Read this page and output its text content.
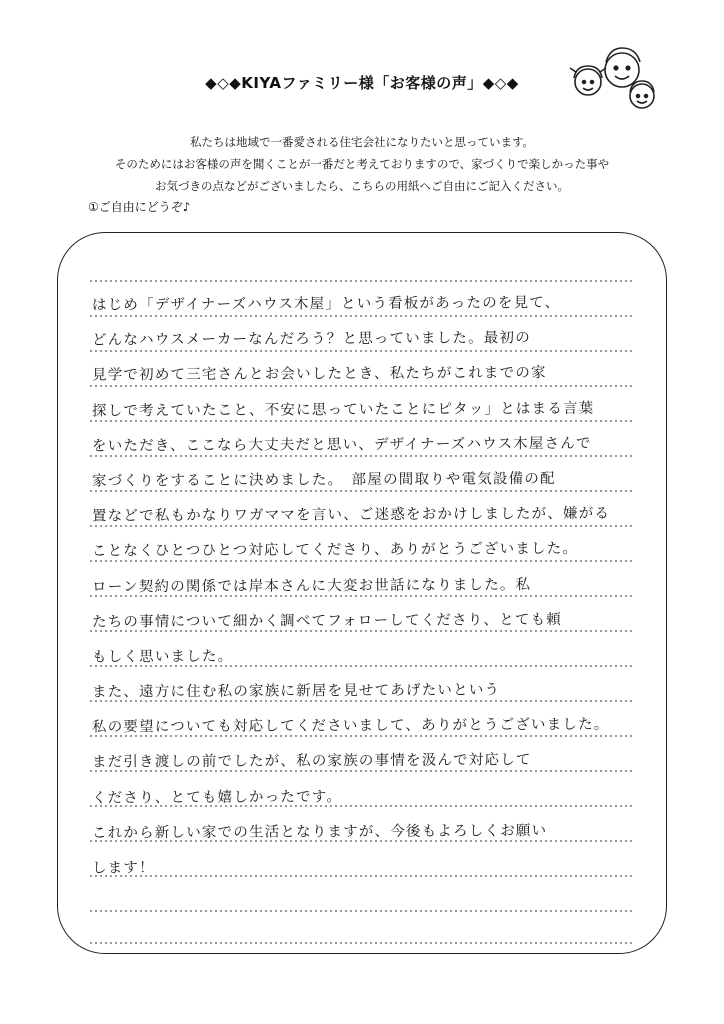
◆◇◆KIYAファミリー様「お客様の声」◆◇◆
私たちは地域で一番愛される住宅会社になりたいと思っています。
そのためにはお客様の声を聞くことが一番だと考えておりますので、家づくりで楽しかった事や
お気づきの点などがございましたら、こちらの用紙へご自由にご記入ください。
①ご自由にどうぞ♪
はじめ「デザイナーズハウス木屋」という看板があったのを見て、
どんなハウスメーカーなんだろう？と思っていました。最初の
見学で初めて三宅さんとお会いしたとき、私たちがこれまでの家
探しで考えていたこと、不安に思っていたことにピタッ」とはまる言葉
をいただき、ここなら大丈夫だと思い、デザイナーズハウス木屋さんで
家づくりをすることに決めました。　部屋の間取りや電気設備の配
置などで私もかなりワガママを言い、ご迷惑をおかけしましたが、嫌がる
ことなくひとつひとつ対応してくださり、ありがとうございました。
ローン契約の関係では岸本さんに大変お世話になりました。私
たちの事情について細かく調べてフォローしてくださり、とても頼
もしく思いました。
また、遠方に住む私の家族に新居を見せてあげたいという
私の要望についても対応してくださいまして、ありがとうございました。
まだ引き渡しの前でしたが、私の家族の事情を汲んで対応して
くださり、とても嬉しかったです。
これから新しい家での生活となりますが、今後もよろしくお願い
します！
